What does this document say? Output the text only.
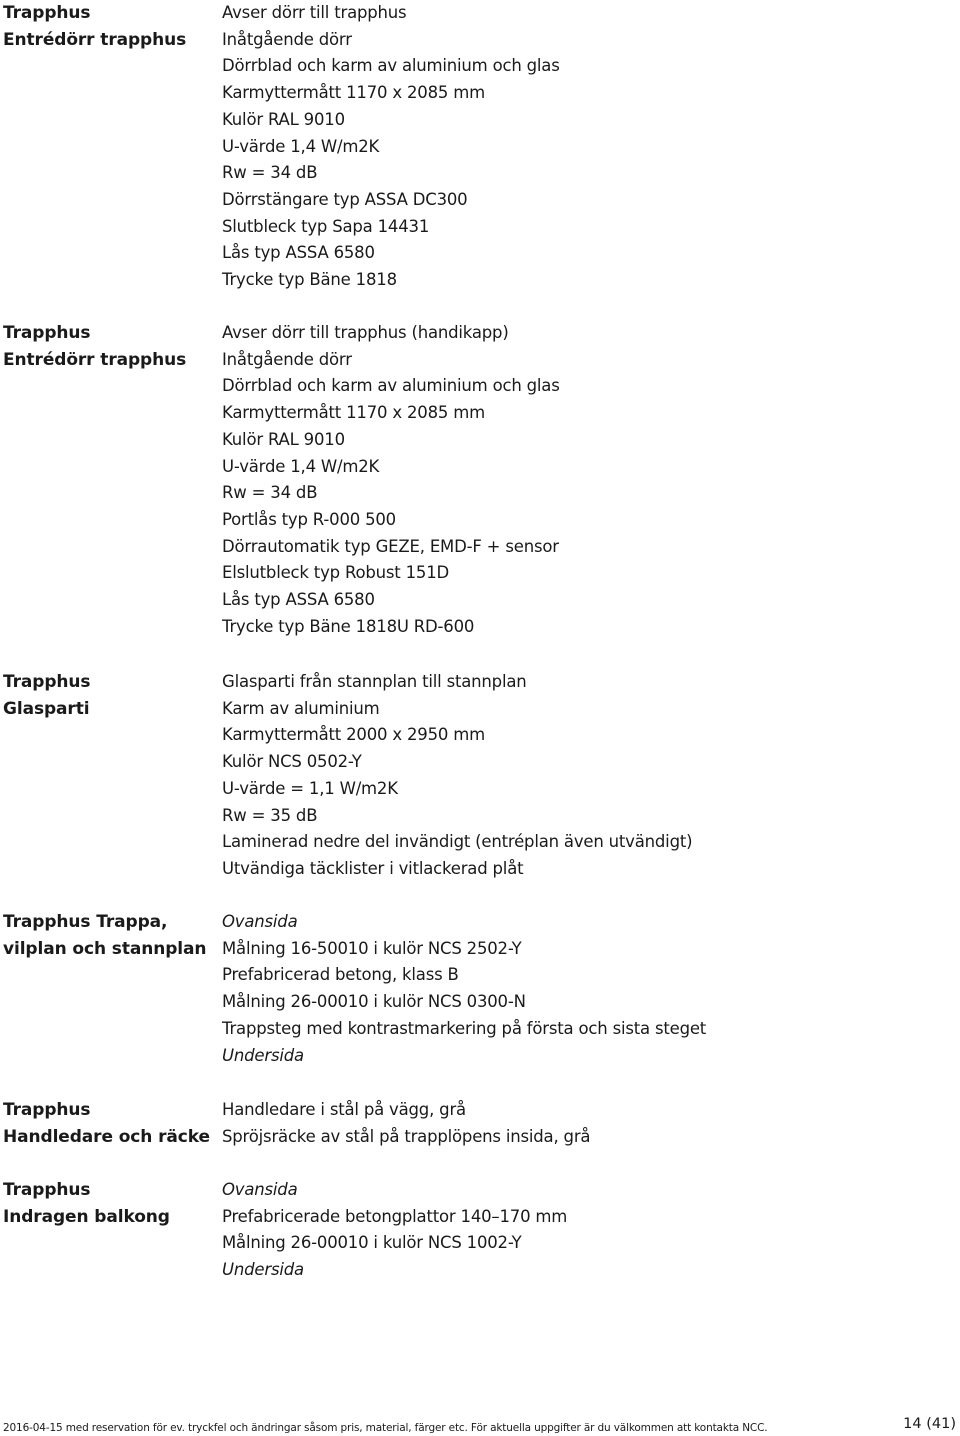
Trapphus
Entrédörr trapphus
Avser dörr till trapphus
Inåtgående dörr
Dörrblad och karm av aluminium och glas
Karmyttermått 1170 x 2085 mm
Kulör RAL 9010
U-värde 1,4 W/m2K
Rw = 34 dB
Dörrstängare typ ASSA DC300
Slutbleck typ Sapa 14431
Lås typ ASSA 6580
Trycke typ Bäne 1818
Trapphus
Entrédörr trapphus
Avser dörr till trapphus (handikapp)
Inåtgående dörr
Dörrblad och karm av aluminium och glas
Karmyttermått 1170 x 2085 mm
Kulör RAL 9010
U-värde 1,4 W/m2K
Rw = 34 dB
Portlås typ R-000 500
Dörrautomatik typ GEZE, EMD-F + sensor
Elslutbleck typ Robust 151D
Lås typ ASSA 6580
Trycke typ Bäne 1818U RD-600
Trapphus
Glasparti
Glasparti från stannplan till stannplan
Karm av aluminium
Karmyttermått 2000 x 2950 mm
Kulör NCS 0502-Y
U-värde = 1,1 W/m2K
Rw = 35 dB
Laminerad nedre del invändigt (entréplan även utvändigt)
Utvändiga täcklister i vitlackerad plåt
Trapphus Trappa,
vilplan och stannplan
Ovansida
Målning 16-50010 i kulör NCS 2502-Y
Prefabricerad betong, klass B
Målning 26-00010 i kulör NCS 0300-N
Trappsteg med kontrastmarkering på första och sista steget
Undersida
Trapphus
Handledare och räcke
Handledare i stål på vägg, grå
Spröjsräcke av stål på trapplöpens insida, grå
Trapphus
Indragen balkong
Ovansida
Prefabricerade betongplattor 140–170 mm
Målning 26-00010 i kulör NCS 1002-Y
Undersida
2016-04-15 med reservation för ev. tryckfel och ändringar såsom pris, material, färger etc. För aktuella uppgifter är du välkommen att kontakta NCC.	14 (41)
